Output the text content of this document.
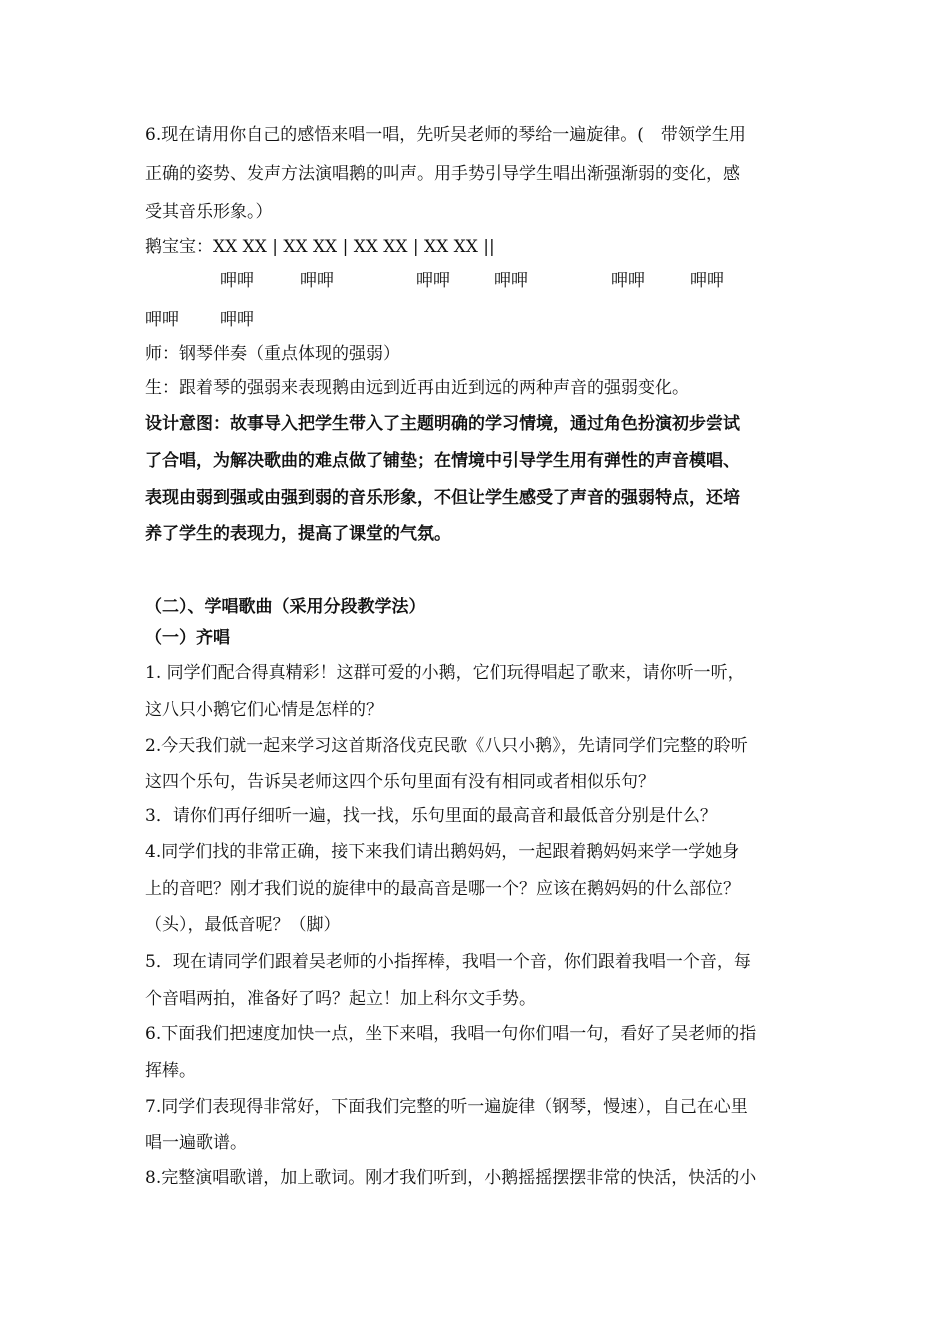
6.现在请用你自己的感悟来唱一唱，先听吴老师的琴给一遍旋律。(　带领学生用
正确的姿势、发声方法演唱鹅的叫声。用手势引导学生唱出渐强渐弱的变化，感
受其音乐形象。）
鹅宝宝：XX XX | XX XX | XX XX | XX XX ||
呷呷	呷呷	呷呷	呷呷	呷呷	呷呷
呷呷 呷呷
师：钢琴伴奏（重点体现的强弱）
生：跟着琴的强弱来表现鹅由远到近再由近到远的两种声音的强弱变化。
设计意图：故事导入把学生带入了主题明确的学习情境，通过角色扮演初步尝试
了合唱，为解决歌曲的难点做了铺垫；在情境中引导学生用有弹性的声音模唱、
表现由弱到强或由强到弱的音乐形象，不但让学生感受了声音的强弱特点，还培
养了学生的表现力，提高了课堂的气氛。
（二）、学唱歌曲（采用分段教学法）
（一）齐唱
1. 同学们配合得真精彩！这群可爱的小鹅，它们玩得唱起了歌来，请你听一听，
这八只小鹅它们心情是怎样的？
2.今天我们就一起来学习这首斯洛伐克民歌《八只小鹅》，先请同学们完整的聆听
这四个乐句，告诉吴老师这四个乐句里面有没有相同或者相似乐句？
3．请你们再仔细听一遍，找一找，乐句里面的最高音和最低音分别是什么？
4.同学们找的非常正确，接下来我们请出鹅妈妈，一起跟着鹅妈妈来学一学她身
上的音吧？刚才我们说的旋律中的最高音是哪一个？应该在鹅妈妈的什么部位？
（头），最低音呢？（脚）
5．现在请同学们跟着吴老师的小指挥棒，我唱一个音，你们跟着我唱一个音，每
个音唱两拍，准备好了吗？起立！加上科尔文手势。
6.下面我们把速度加快一点，坐下来唱，我唱一句你们唱一句，看好了吴老师的指
挥棒。
7.同学们表现得非常好，下面我们完整的听一遍旋律（钢琴，慢速），自己在心里
唱一遍歌谱。
8.完整演唱歌谱，加上歌词。刚才我们听到，小鹅摇摇摆摆非常的快活，快活的小
